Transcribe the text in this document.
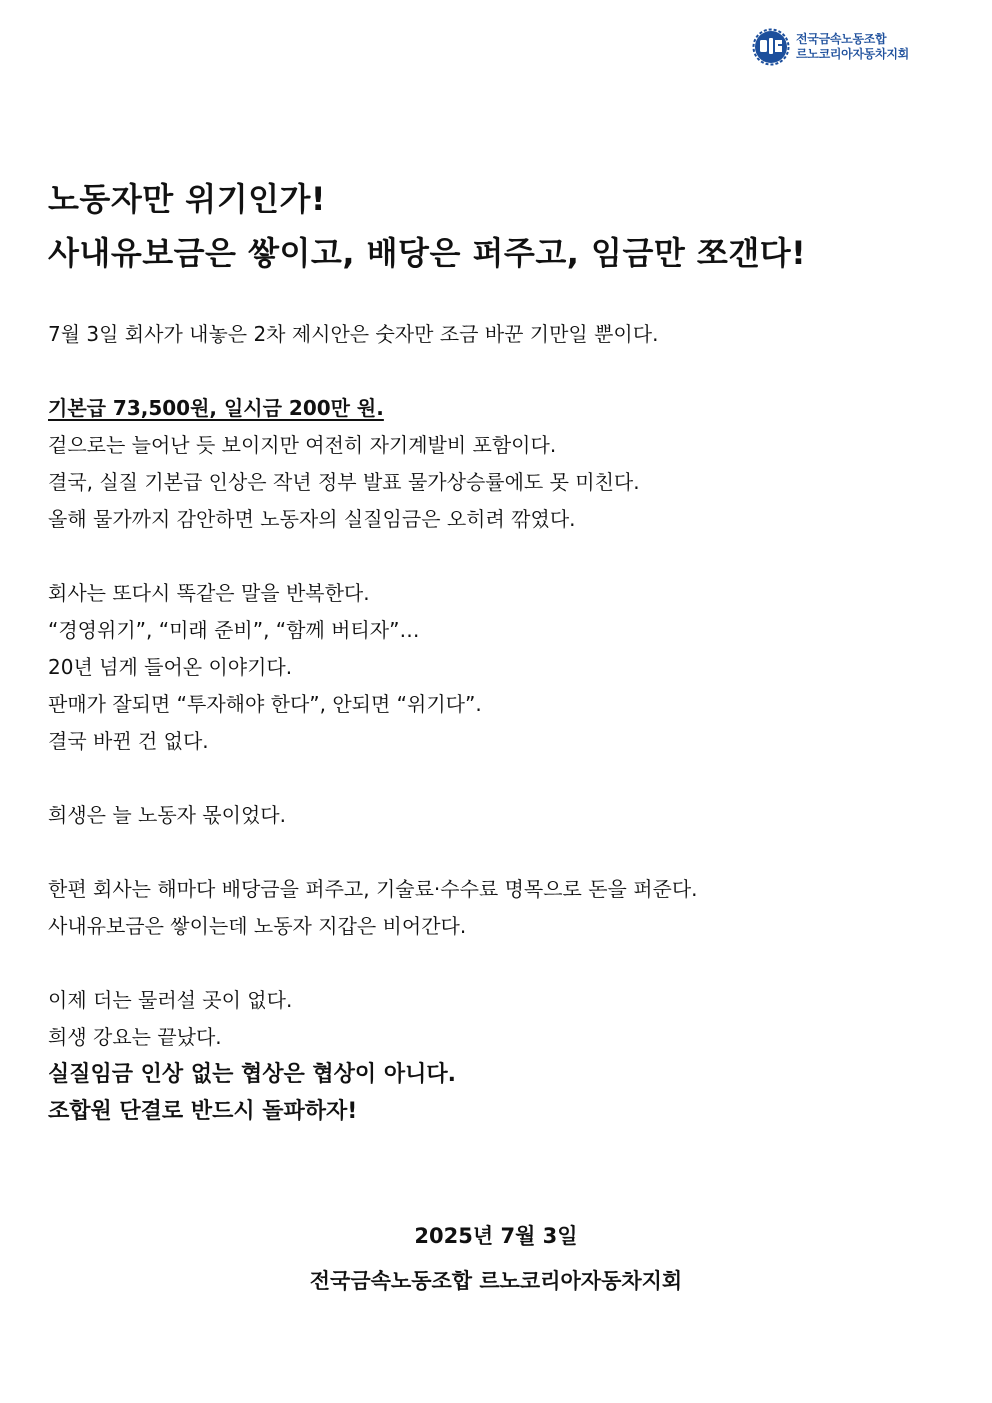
전국금속노동조합
르노코리아자동차지회
노동자만 위기인가!
사내유보금은 쌓이고, 배당은 퍼주고, 임금만 쪼갠다!
7월 3일 회사가 내놓은 2차 제시안은 숫자만 조금 바꾼 기만일 뿐이다.
기본급 73,500원, 일시금 200만 원.
겉으로는 늘어난 듯 보이지만 여전히 자기계발비 포함이다.
결국, 실질 기본급 인상은 작년 정부 발표 물가상승률에도 못 미친다.
올해 물가까지 감안하면 노동자의 실질임금은 오히려 깎였다.
회사는 또다시 똑같은 말을 반복한다.
“경영위기”, “미래 준비”, “함께 버티자”…
20년 넘게 들어온 이야기다.
판매가 잘되면 “투자해야 한다”, 안되면 “위기다”.
결국 바뀐 건 없다.
희생은 늘 노동자 몫이었다.
한편 회사는 해마다 배당금을 퍼주고, 기술료·수수료 명목으로 돈을 퍼준다.
사내유보금은 쌓이는데 노동자 지갑은 비어간다.
이제 더는 물러설 곳이 없다.
희생 강요는 끝났다.
실질임금 인상 없는 협상은 협상이 아니다.
조합원 단결로 반드시 돌파하자!
2025년 7월 3일
전국금속노동조합 르노코리아자동차지회
